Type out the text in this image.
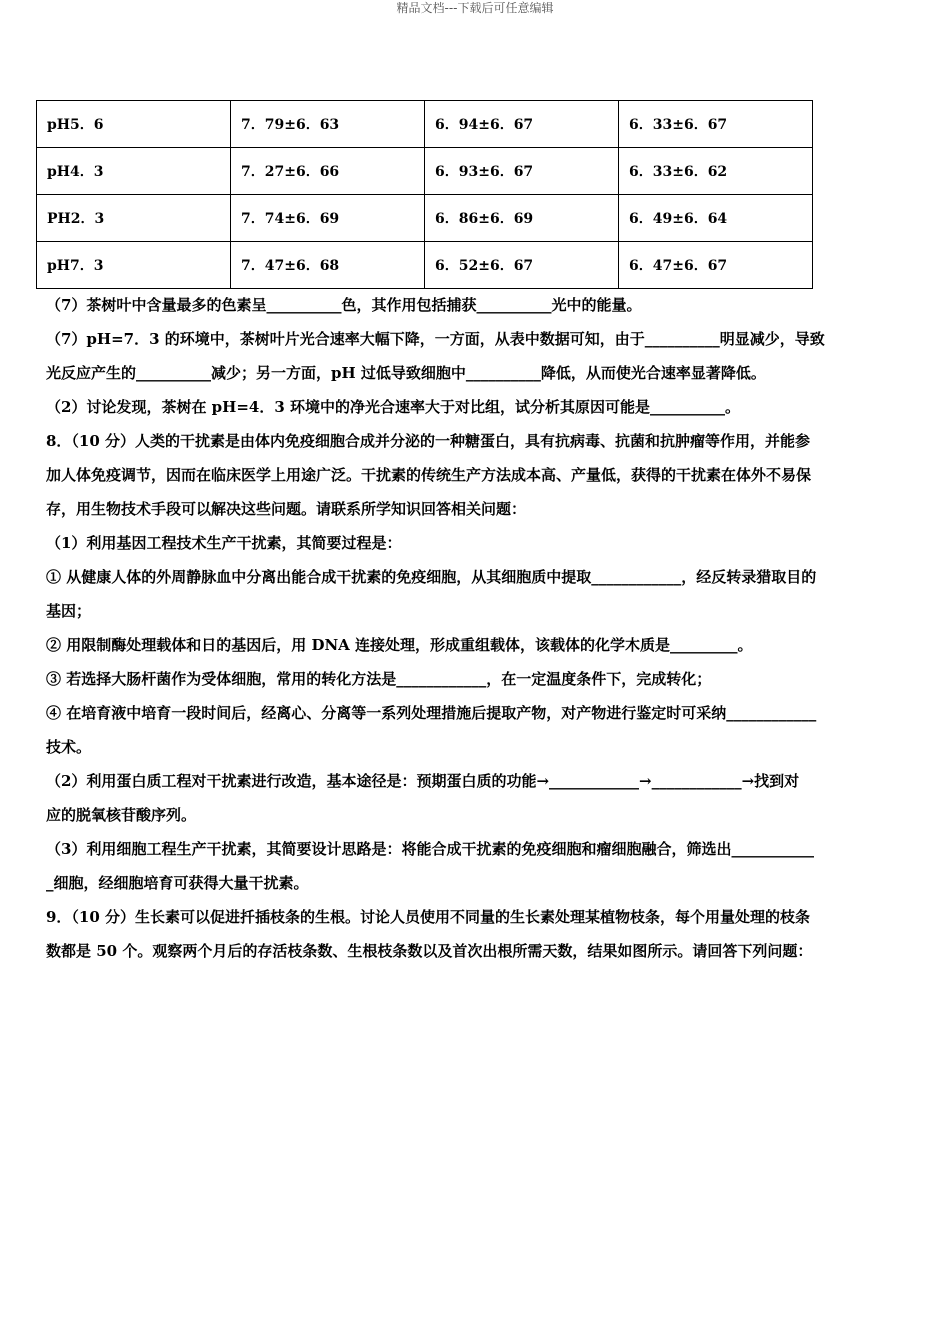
精品文档---下载后可任意编辑
pH5．6	7．79±6．63	6．94±6．67	6．33±6．67
pH4．3	7．27±6．66	6．93±6．67	6．33±6．62
PH2．3	7．74±6．69	6．86±6．69	6．49±6．64
pH7．3	7．47±6．68	6．52±6．67	6．47±6．67

（7）茶树叶中含量最多的色素呈__________色，其作用包括捕获__________光中的能量。

（7）pH=7．3 的环境中，茶树叶片光合速率大幅下降，一方面，从表中数据可知，由于__________明显减少，导致

光反应产生的__________减少；另一方面，pH 过低导致细胞中__________降低，从而使光合速率显著降低。

（2）讨论发现，茶树在 pH=4．3 环境中的净光合速率大于对比组，试分析其原因可能是__________。

8．（10 分）人类的干扰素是由体内免疫细胞合成并分泌的一种糖蛋白，具有抗病毒、抗菌和抗肿瘤等作用，并能参

加人体免疫调节，因而在临床医学上用途广泛。干扰素的传统生产方法成本高、产量低，获得的干扰素在体外不易保

存，用生物技术手段可以解决这些问题。请联系所学知识回答相关问题：

（1）利用基因工程技术生产干扰素，其简要过程是：

① 从健康人体的外周静脉血中分离出能合成干扰素的免疫细胞，从其细胞质中提取____________，经反转录猎取目的

基因；

② 用限制酶处理载体和日的基因后，用 DNA 连接处理，形成重组载体，该载体的化学木质是_________。

③ 若选择大肠杆菌作为受体细胞，常用的转化方法是____________，在一定温度条件下，完成转化；

④ 在培育液中培育一段时间后，经离心、分离等一系列处理措施后提取产物，对产物进行鉴定时可采纳____________

技术。

（2）利用蛋白质工程对干扰素进行改造，基本途径是：预期蛋白质的功能→____________→____________→找到对

应的脱氧核苷酸序列。

（3）利用细胞工程生产干扰素，其简要设计思路是：将能合成干扰素的免疫细胞和瘤细胞融合，筛选出___________

_细胞，经细胞培育可获得大量干扰素。

9．（10 分）生长素可以促进扦插枝条的生根。讨论人员使用不同量的生长素处理某植物枝条，每个用量处理的枝条

数都是 50 个。观察两个月后的存活枝条数、生根枝条数以及首次出根所需天数，结果如图所示。请回答下列问题：
